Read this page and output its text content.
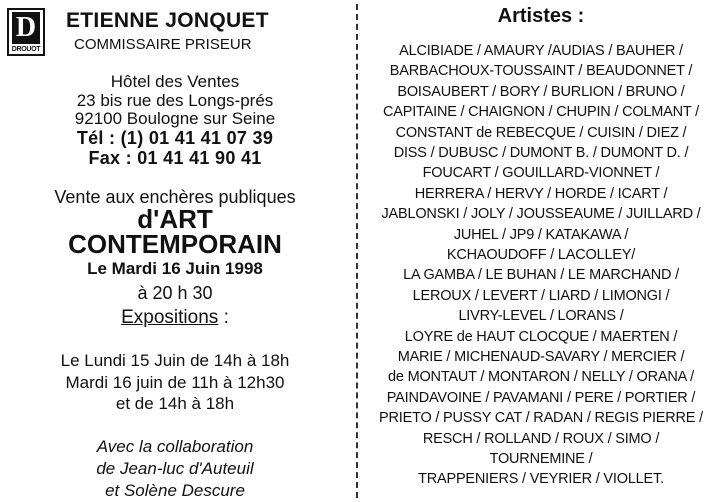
D
DROUOT
ETIENNE JONQUET
COMMISSAIRE PRISEUR
Hôtel des Ventes
23 bis rue des Longs-prés
92100 Boulogne sur Seine
Tél : (1) 01 41 41 07 39
Fax : 01 41 41 90 41
Vente aux enchères publiques
d'ART
CONTEMPORAIN
Le Mardi 16 Juin 1998
à 20 h 30
Expositions :
Le Lundi 15 Juin de 14h à 18h
Mardi 16 juin de 11h à 12h30
et de 14h à 18h
Avec la collaboration
de Jean-luc d'Auteuil
et Solène Descure
Artistes :
ALCIBIADE / AMAURY /AUDIAS / BAUHER /
BARBACHOUX-TOUSSAINT / BEAUDONNET /
BOISAUBERT / BORY / BURLION / BRUNO /
CAPITAINE / CHAIGNON / CHUPIN / COLMANT /
CONSTANT de REBECQUE / CUISIN / DIEZ /
DISS / DUBUSC / DUMONT B. / DUMONT D. /
FOUCART / GOUILLARD-VIONNET /
HERRERA / HERVY / HORDE / ICART /
JABLONSKI / JOLY / JOUSSEAUME / JUILLARD /
JUHEL / JP9 / KATAKAWA /
KCHAOUDOFF / LACOLLEY/
LA GAMBA / LE BUHAN / LE MARCHAND /
LEROUX / LEVERT / LIARD / LIMONGI /
LIVRY-LEVEL / LORANS /
LOYRE de HAUT CLOCQUE / MAERTEN /
MARIE / MICHENAUD-SAVARY / MERCIER /
de MONTAUT / MONTARON / NELLY / ORANA /
PAINDAVOINE / PAVAMANI / PERE / PORTIER /
PRIETO / PUSSY CAT / RADAN / REGIS PIERRE /
RESCH / ROLLAND / ROUX / SIMO /
TOURNEMINE /
TRAPPENIERS / VEYRIER / VIOLLET.
